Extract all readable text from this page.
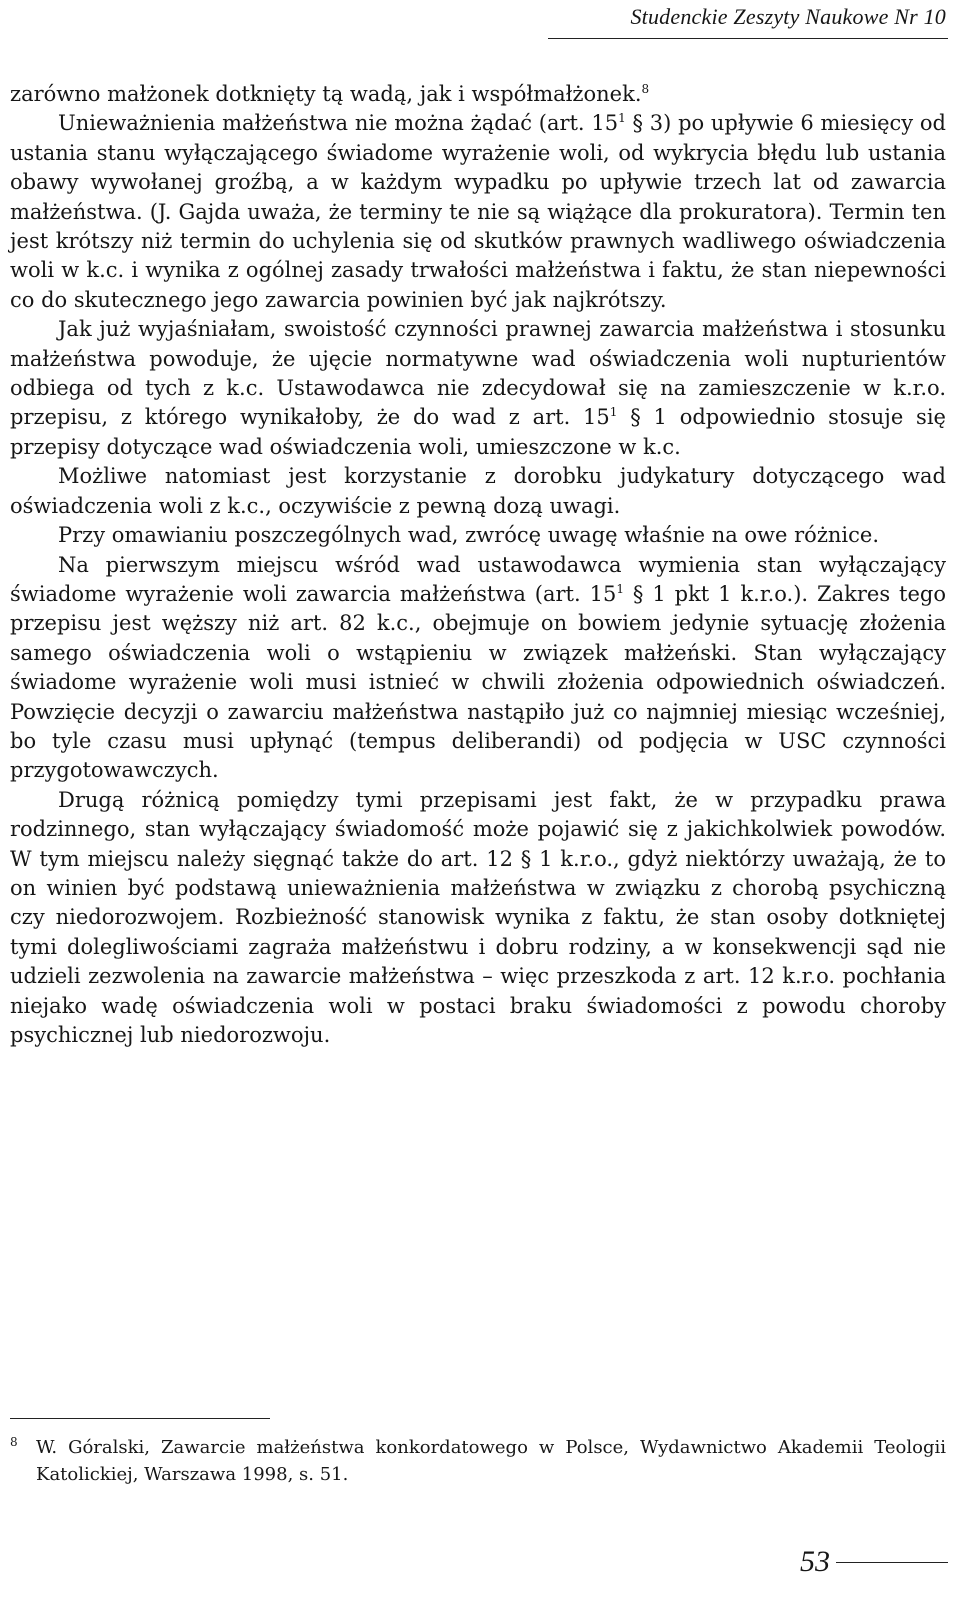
Studenckie Zeszyty Naukowe Nr 10

zarówno małżonek dotknięty tą wadą, jak i współmałżonek.$^8$

Unieważnienia małżeństwa nie można żądać (art. $15^1$ § 3) po upływie 6 miesięcy od ustania stanu wyłączającego świadome wyrażenie woli, od wykrycia błędu lub ustania obawy wywołanej groźbą, a w każdym wypadku po upływie trzech lat od zawarcia małżeństwa. (J. Gajda uważa, że terminy te nie są wiążące dla prokuratora). Termin ten jest krótszy niż termin do uchylenia się od skutków prawnych wadliwego oświadczenia woli w k.c. i wynika z ogólnej zasady trwałości małżeństwa i faktu, że stan niepewności co do skutecznego jego zawarcia powinien być jak najkrótszy.

Jak już wyjaśniałam, swoistość czynności prawnej zawarcia małżeństwa i stosunku małżeństwa powoduje, że ujęcie normatywne wad oświadczenia woli nupturientów odbiega od tych z k.c. Ustawodawca nie zdecydował się na zamieszczenie w k.r.o. przepisu, z którego wynikałoby, że do wad z art. $15^1$ § 1 odpowiednio stosuje się przepisy dotyczące wad oświadczenia woli, umieszczone w k.c.

Możliwe natomiast jest korzystanie z dorobku judykatury dotyczącego wad oświadczenia woli z k.c., oczywiście z pewną dozą uwagi.

Przy omawianiu poszczególnych wad, zwrócę uwagę właśnie na owe różnice.

Na pierwszym miejscu wśród wad ustawodawca wymienia stan wyłączający świadome wyrażenie woli zawarcia małżeństwa (art. $15^1$ § 1 pkt 1 k.r.o.). Zakres tego przepisu jest węższy niż art. 82 k.c., obejmuje on bowiem jedynie sytuację złożenia samego oświadczenia woli o wstąpieniu w związek małżeński. Stan wyłączający świadome wyrażenie woli musi istnieć w chwili złożenia odpowiednich oświadczeń. Powzięcie decyzji o zawarciu małżeństwa nastąpiło już co najmniej miesiąc wcześniej, bo tyle czasu musi upłynąć (tempus deliberandi) od podjęcia w USC czynności przygotowawczych.

Drugą różnicą pomiędzy tymi przepisami jest fakt, że w przypadku prawa rodzinnego, stan wyłączający świadomość może pojawić się z jakichkolwiek powodów. W tym miejscu należy sięgnąć także do art. 12 § 1 k.r.o., gdyż niektórzy uważają, że to on winien być podstawą unieważnienia małżeństwa w związku z chorobą psychiczną czy niedorozwojem. Rozbieżność stanowisk wynika z faktu, że stan osoby dotkniętej tymi dolegliwościami zagraża małżeństwu i dobru rodziny, a w konsekwencji sąd nie udzieli zezwolenia na zawarcie małżeństwa – więc przeszkoda z art. 12 k.r.o. pochłania niejako wadę oświadczenia woli w postaci braku świadomości z powodu choroby psychicznej lub niedorozwoju.

$^8$ W. Góralski, Zawarcie małżeństwa konkordatowego w Polsce, Wydawnictwo Akademii Teologii Katolickiej, Warszawa 1998, s. 51.
53
